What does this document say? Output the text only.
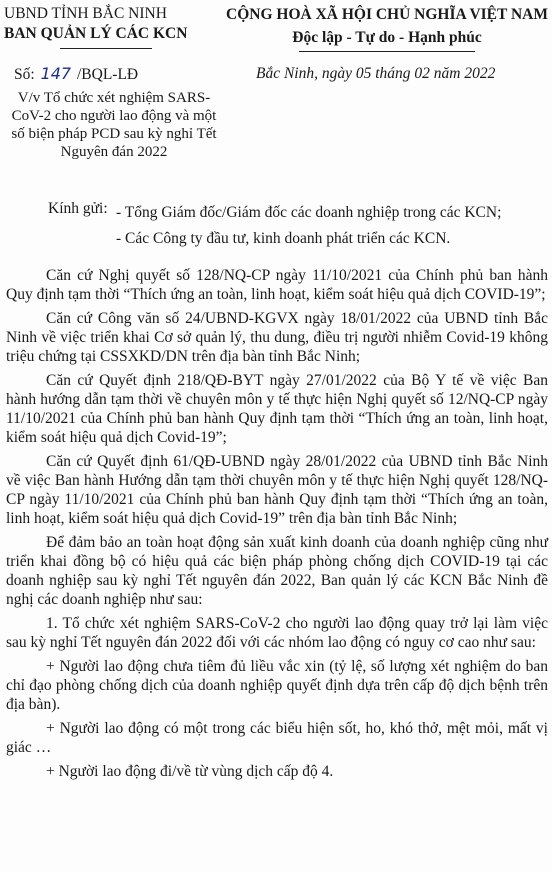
UBND TỈNH BẮC NINH
BAN QUẢN LÝ CÁC KCN
CỘNG HOÀ XÃ HỘI CHỦ NGHĨA VIỆT NAM
Độc lập - Tự do - Hạnh phúc
Số: 147 /BQL-LĐ	Bắc Ninh, ngày 05 tháng 02 năm 2022
V/v Tổ chức xét nghiệm SARS-CoV-2 cho người lao động và một số biện pháp PCD sau kỳ nghỉ Tết Nguyên đán 2022
Kính gửi: - Tổng Giám đốc/Giám đốc các doanh nghiệp trong các KCN;
- Các Công ty đầu tư, kinh doanh phát triển các KCN.

Căn cứ Nghị quyết số 128/NQ-CP ngày 11/10/2021 của Chính phủ ban hành Quy định tạm thời “Thích ứng an toàn, linh hoạt, kiểm soát hiệu quả dịch COVID-19”;

Căn cứ Công văn số 24/UBND-KGVX ngày 18/01/2022 của UBND tỉnh Bắc Ninh về việc triển khai Cơ sở quản lý, thu dung, điều trị người nhiễm Covid-19 không triệu chứng tại CSSXKD/DN trên địa bàn tỉnh Bắc Ninh;

Căn cứ Quyết định 218/QĐ-BYT ngày 27/01/2022 của Bộ Y tế về việc Ban hành hướng dẫn tạm thời về chuyên môn y tế thực hiện Nghị quyết số 12/NQ-CP ngày 11/10/2021 của Chính phủ ban hành Quy định tạm thời “Thích ứng an toàn, linh hoạt, kiểm soát hiệu quả dịch Covid-19”;

Căn cứ Quyết định 61/QĐ-UBND ngày 28/01/2022 của UBND tỉnh Bắc Ninh về việc Ban hành Hướng dẫn tạm thời chuyên môn y tế thực hiện Nghị quyết 128/NQ-CP ngày 11/10/2021 của Chính phủ ban hành Quy định tạm thời “Thích ứng an toàn, linh hoạt, kiểm soát hiệu quả dịch Covid-19” trên địa bàn tỉnh Bắc Ninh;

Để đảm bảo an toàn hoạt động sản xuất kinh doanh của doanh nghiệp cũng như triển khai đồng bộ có hiệu quả các biện pháp phòng chống dịch COVID-19 tại các doanh nghiệp sau kỳ nghỉ Tết nguyên đán 2022, Ban quản lý các KCN Bắc Ninh đề nghị các doanh nghiệp như sau:

1. Tổ chức xét nghiệm SARS-CoV-2 cho người lao động quay trở lại làm việc sau kỳ nghỉ Tết nguyên đán 2022 đối với các nhóm lao động có nguy cơ cao như sau:

+ Người lao động chưa tiêm đủ liều vắc xin (tỷ lệ, số lượng xét nghiệm do ban chỉ đạo phòng chống dịch của doanh nghiệp quyết định dựa trên cấp độ dịch bệnh trên địa bàn).

+ Người lao động có một trong các biểu hiện sốt, ho, khó thở, mệt mỏi, mất vị giác …

+ Người lao động đi/về từ vùng dịch cấp độ 4.
